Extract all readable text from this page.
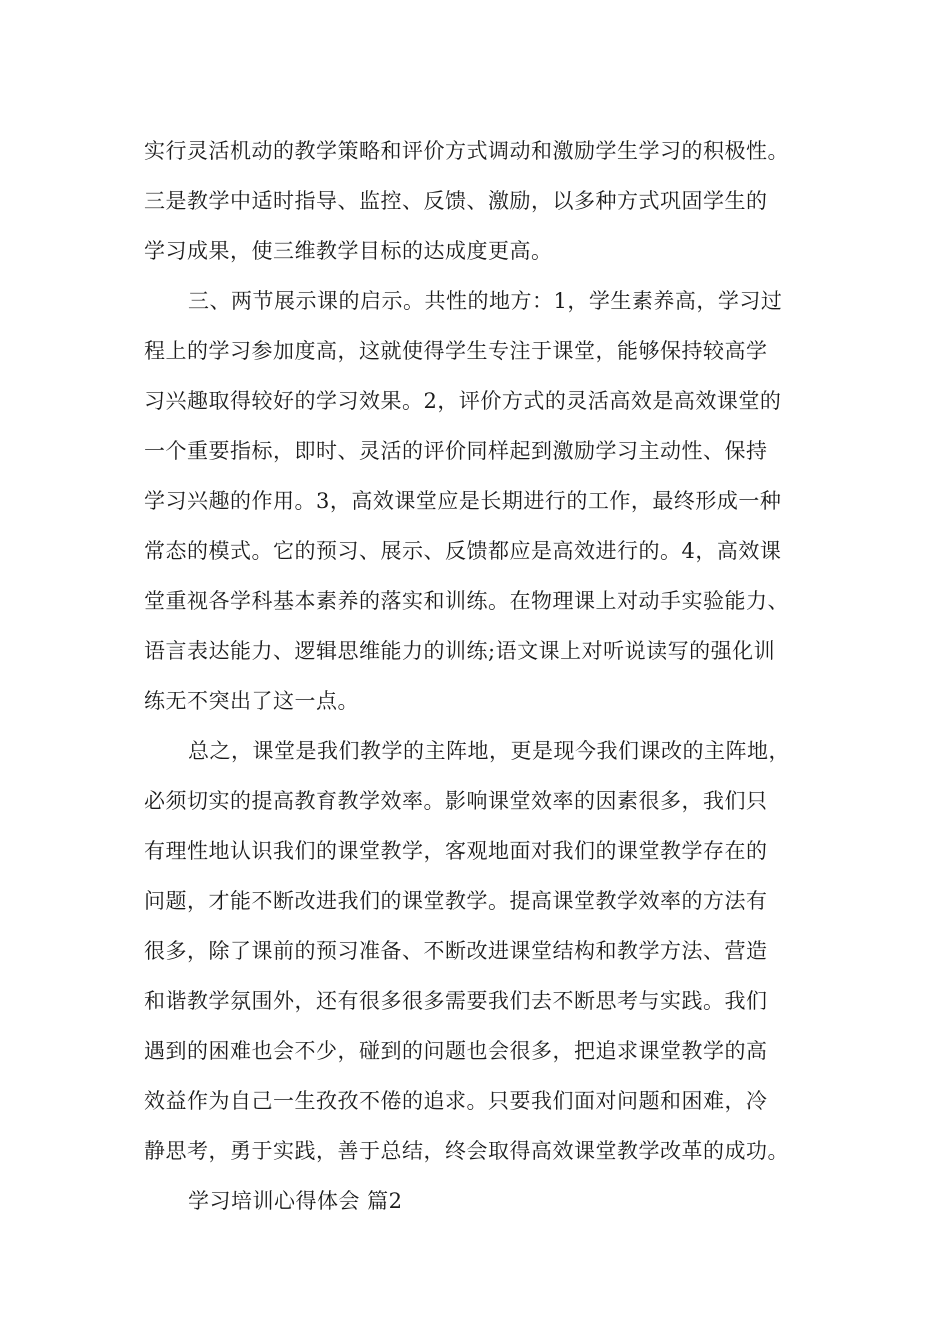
实行灵活机动的教学策略和评价方式调动和激励学生学习的积极性。
三是教学中适时指导、监控、反馈、激励，以多种方式巩固学生的
学习成果，使三维教学目标的达成度更高。
三、两节展示课的启示。共性的地方：1，学生素养高，学习过
程上的学习参加度高，这就使得学生专注于课堂，能够保持较高学
习兴趣取得较好的学习效果。2，评价方式的灵活高效是高效课堂的
一个重要指标，即时、灵活的评价同样起到激励学习主动性、保持
学习兴趣的作用。3，高效课堂应是长期进行的工作，最终形成一种
常态的模式。它的预习、展示、反馈都应是高效进行的。4，高效课
堂重视各学科基本素养的落实和训练。在物理课上对动手实验能力、
语言表达能力、逻辑思维能力的训练;语文课上对听说读写的强化训
练无不突出了这一点。
总之，课堂是我们教学的主阵地，更是现今我们课改的主阵地，
必须切实的提高教育教学效率。影响课堂效率的因素很多，我们只
有理性地认识我们的课堂教学，客观地面对我们的课堂教学存在的
问题，才能不断改进我们的课堂教学。提高课堂教学效率的方法有
很多，除了课前的预习准备、不断改进课堂结构和教学方法、营造
和谐教学氛围外，还有很多很多需要我们去不断思考与实践。我们
遇到的困难也会不少，碰到的问题也会很多，把追求课堂教学的高
效益作为自己一生孜孜不倦的追求。只要我们面对问题和困难，冷
静思考，勇于实践，善于总结，终会取得高效课堂教学改革的成功。
学习培训心得体会 篇2
